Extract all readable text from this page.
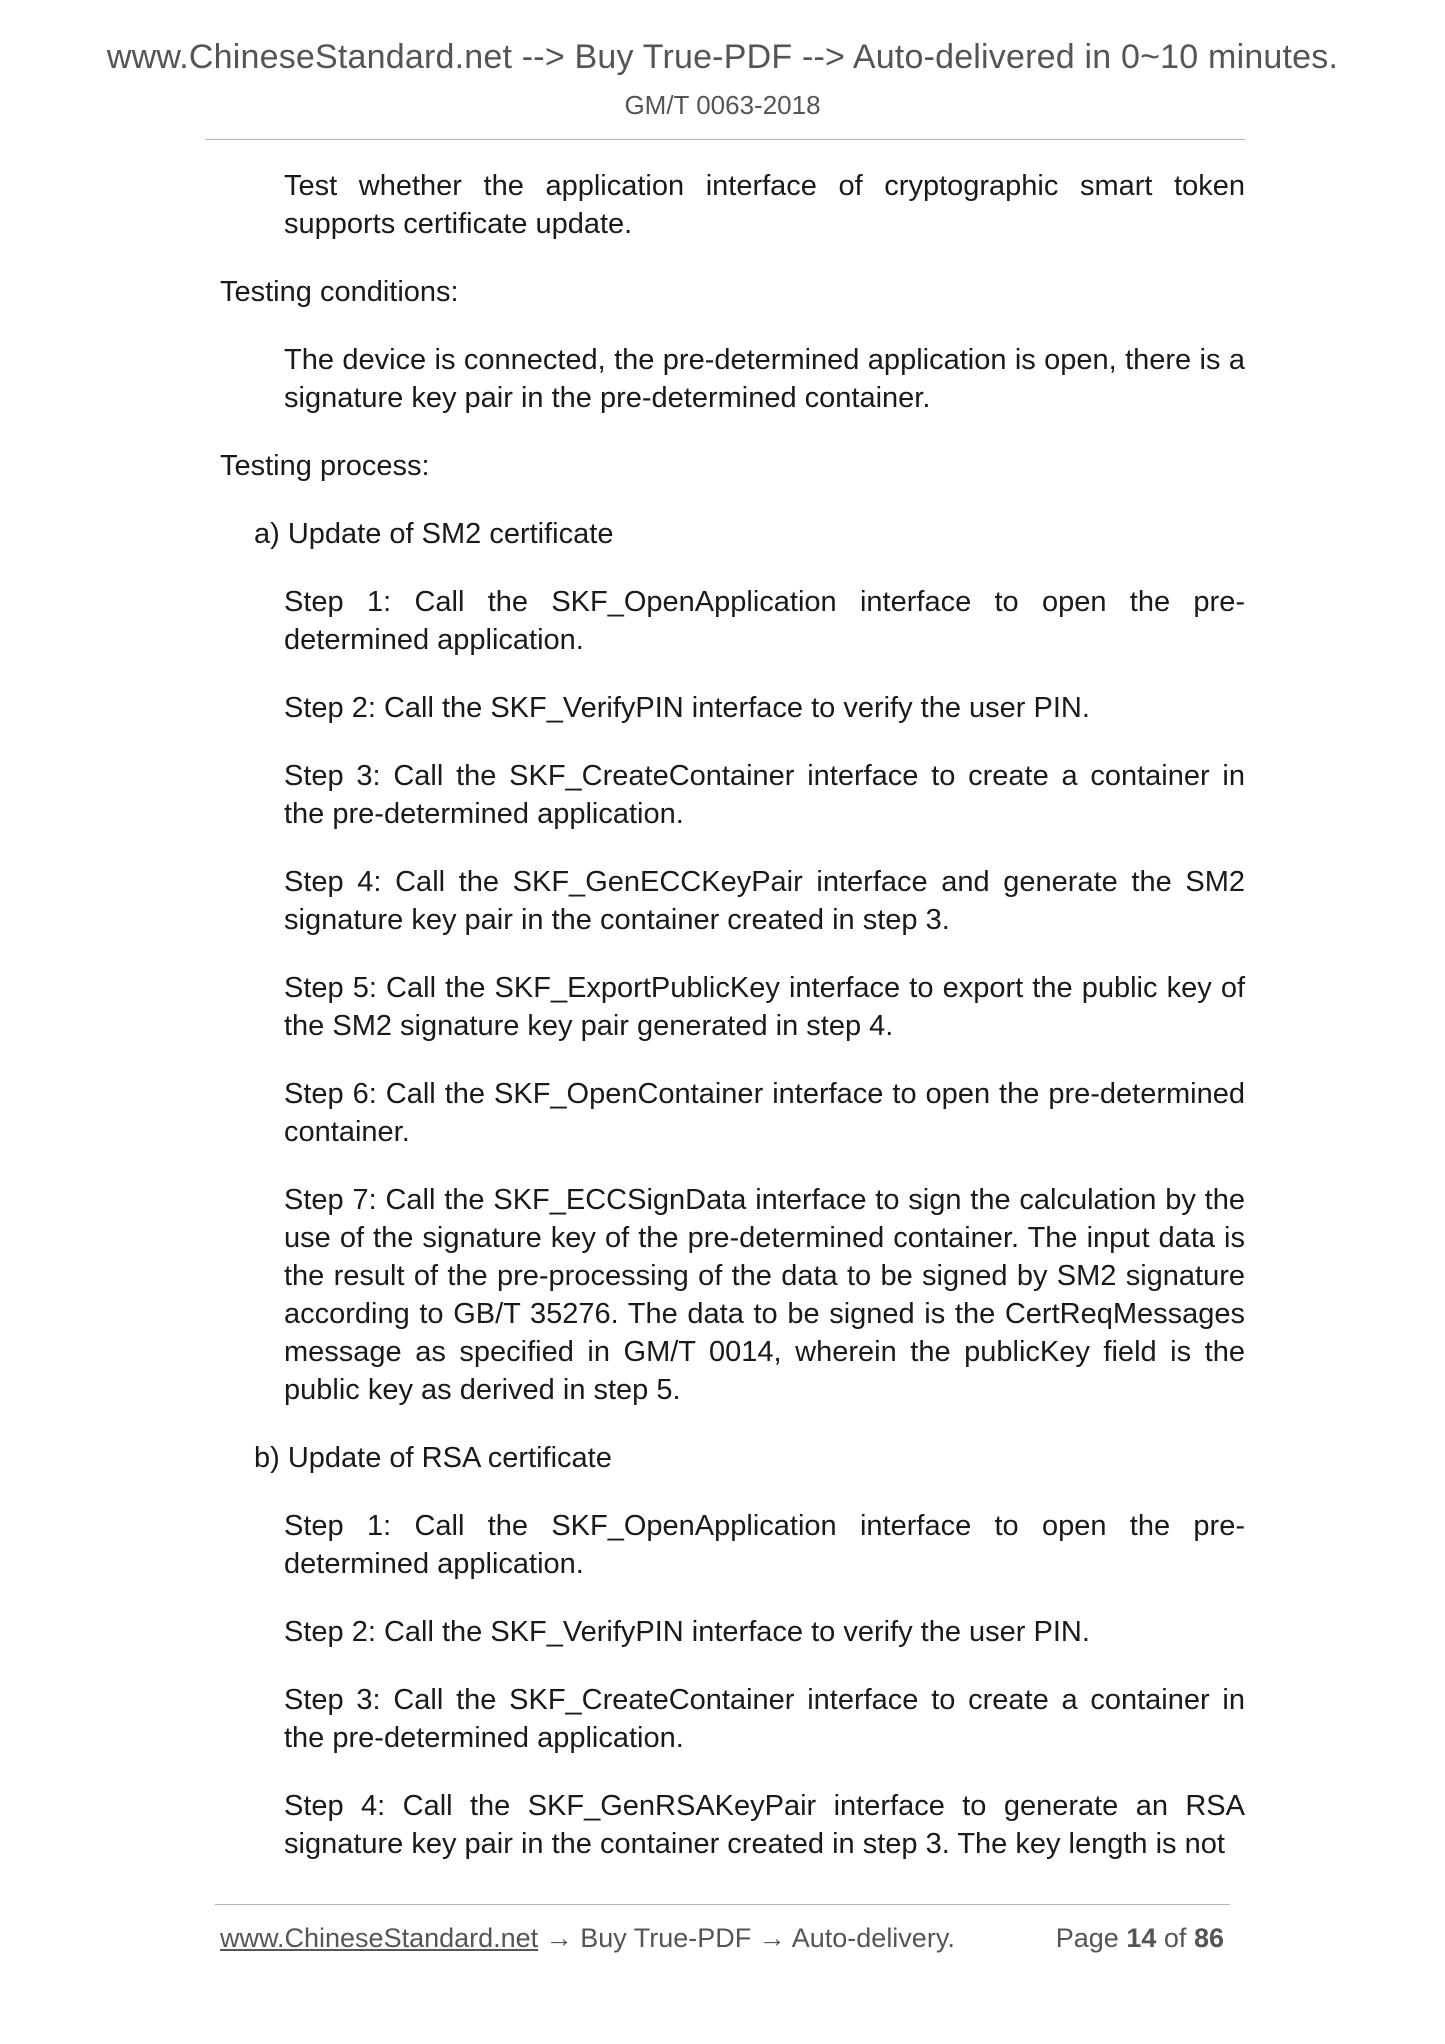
www.ChineseStandard.net --> Buy True-PDF --> Auto-delivered in 0~10 minutes.
GM/T 0063-2018

Test whether the application interface of cryptographic smart token supports certificate update.

Testing conditions:

The device is connected, the pre-determined application is open, there is a signature key pair in the pre-determined container.

Testing process:

a) Update of SM2 certificate

Step 1: Call the SKF_OpenApplication interface to open the pre-determined application.

Step 2: Call the SKF_VerifyPIN interface to verify the user PIN.

Step 3: Call the SKF_CreateContainer interface to create a container in the pre-determined application.

Step 4: Call the SKF_GenECCKeyPair interface and generate the SM2 signature key pair in the container created in step 3.

Step 5: Call the SKF_ExportPublicKey interface to export the public key of the SM2 signature key pair generated in step 4.

Step 6: Call the SKF_OpenContainer interface to open the pre-determined container.

Step 7: Call the SKF_ECCSignData interface to sign the calculation by the use of the signature key of the pre-determined container. The input data is the result of the pre-processing of the data to be signed by SM2 signature according to GB/T 35276. The data to be signed is the CertReqMessages message as specified in GM/T 0014, wherein the publicKey field is the public key as derived in step 5.

b) Update of RSA certificate

Step 1: Call the SKF_OpenApplication interface to open the pre-determined application.

Step 2: Call the SKF_VerifyPIN interface to verify the user PIN.

Step 3: Call the SKF_CreateContainer interface to create a container in the pre-determined application.

Step 4: Call the SKF_GenRSAKeyPair interface to generate an RSA signature key pair in the container created in step 3. The key length is not

www.ChineseStandard.net → Buy True-PDF → Auto-delivery.	Page 14 of 86
